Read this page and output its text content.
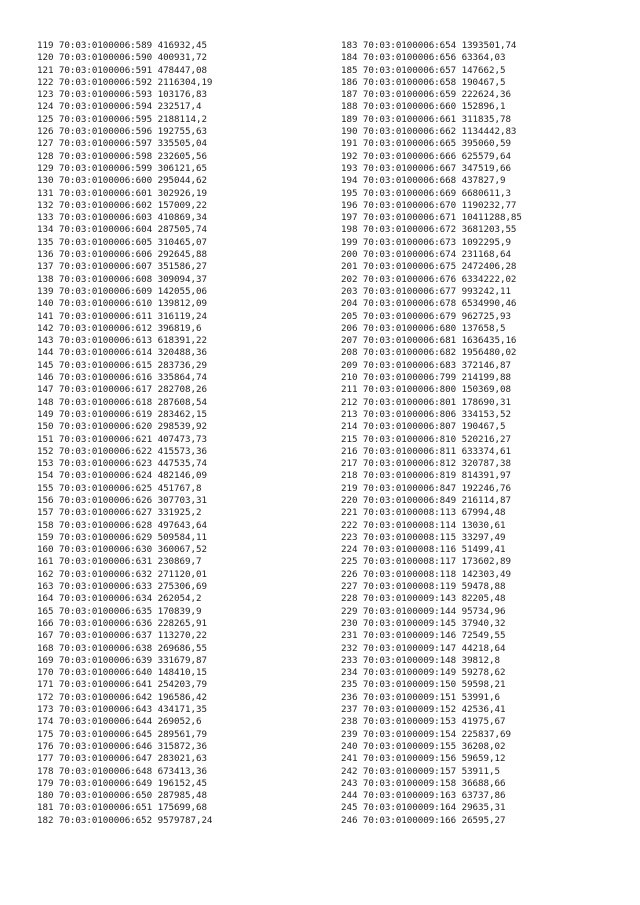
119 70:03:0100006:589 416932,45
120 70:03:0100006:590 400931,72
121 70:03:0100006:591 478447,08
122 70:03:0100006:592 2116304,19
123 70:03:0100006:593 103176,83
124 70:03:0100006:594 232517,4
125 70:03:0100006:595 2188114,2
126 70:03:0100006:596 192755,63
127 70:03:0100006:597 335505,04
128 70:03:0100006:598 232605,56
129 70:03:0100006:599 306121,65
130 70:03:0100006:600 295044,62
131 70:03:0100006:601 302926,19
132 70:03:0100006:602 157009,22
133 70:03:0100006:603 410869,34
134 70:03:0100006:604 287505,74
135 70:03:0100006:605 310465,07
136 70:03:0100006:606 292645,88
137 70:03:0100006:607 351586,27
138 70:03:0100006:608 309094,37
139 70:03:0100006:609 142055,06
140 70:03:0100006:610 139812,09
141 70:03:0100006:611 316119,24
142 70:03:0100006:612 396819,6
143 70:03:0100006:613 618391,22
144 70:03:0100006:614 320488,36
145 70:03:0100006:615 283736,29
146 70:03:0100006:616 335864,74
147 70:03:0100006:617 282708,26
148 70:03:0100006:618 287608,54
149 70:03:0100006:619 283462,15
150 70:03:0100006:620 298539,92
151 70:03:0100006:621 407473,73
152 70:03:0100006:622 415573,36
153 70:03:0100006:623 447535,74
154 70:03:0100006:624 482146,09
155 70:03:0100006:625 451767,8
156 70:03:0100006:626 307703,31
157 70:03:0100006:627 331925,2
158 70:03:0100006:628 497643,64
159 70:03:0100006:629 509584,11
160 70:03:0100006:630 360067,52
161 70:03:0100006:631 230869,7
162 70:03:0100006:632 271120,01
163 70:03:0100006:633 275306,69
164 70:03:0100006:634 262054,2
165 70:03:0100006:635 170839,9
166 70:03:0100006:636 228265,91
167 70:03:0100006:637 113270,22
168 70:03:0100006:638 269686,55
169 70:03:0100006:639 331679,87
170 70:03:0100006:640 148410,15
171 70:03:0100006:641 254203,79
172 70:03:0100006:642 196586,42
173 70:03:0100006:643 434171,35
174 70:03:0100006:644 269052,6
175 70:03:0100006:645 289561,79
176 70:03:0100006:646 315872,36
177 70:03:0100006:647 283021,63
178 70:03:0100006:648 673413,36
179 70:03:0100006:649 196152,45
180 70:03:0100006:650 287985,48
181 70:03:0100006:651 175699,68
182 70:03:0100006:652 9579787,24
183 70:03:0100006:654 1393501,74
184 70:03:0100006:656 63364,03
185 70:03:0100006:657 147662,5
186 70:03:0100006:658 190467,5
187 70:03:0100006:659 222624,36
188 70:03:0100006:660 152896,1
189 70:03:0100006:661 311835,78
190 70:03:0100006:662 1134442,83
191 70:03:0100006:665 395060,59
192 70:03:0100006:666 625579,64
193 70:03:0100006:667 347519,66
194 70:03:0100006:668 437827,9
195 70:03:0100006:669 6680611,3
196 70:03:0100006:670 1190232,77
197 70:03:0100006:671 10411288,85
198 70:03:0100006:672 3681203,55
199 70:03:0100006:673 1092295,9
200 70:03:0100006:674 231168,64
201 70:03:0100006:675 2472406,28
202 70:03:0100006:676 6334222,02
203 70:03:0100006:677 993242,11
204 70:03:0100006:678 6534990,46
205 70:03:0100006:679 962725,93
206 70:03:0100006:680 137658,5
207 70:03:0100006:681 1636435,16
208 70:03:0100006:682 1956480,02
209 70:03:0100006:683 372146,87
210 70:03:0100006:799 214199,88
211 70:03:0100006:800 150369,08
212 70:03:0100006:801 178690,31
213 70:03:0100006:806 334153,52
214 70:03:0100006:807 190467,5
215 70:03:0100006:810 520216,27
216 70:03:0100006:811 633374,61
217 70:03:0100006:812 320787,38
218 70:03:0100006:819 814391,97
219 70:03:0100006:847 192246,76
220 70:03:0100006:849 216114,87
221 70:03:0100008:113 67994,48
222 70:03:0100008:114 13030,61
223 70:03:0100008:115 33297,49
224 70:03:0100008:116 51499,41
225 70:03:0100008:117 173602,89
226 70:03:0100008:118 142303,49
227 70:03:0100008:119 59478,88
228 70:03:0100009:143 82205,48
229 70:03:0100009:144 95734,96
230 70:03:0100009:145 37940,32
231 70:03:0100009:146 72549,55
232 70:03:0100009:147 44218,64
233 70:03:0100009:148 39812,8
234 70:03:0100009:149 59278,62
235 70:03:0100009:150 59598,21
236 70:03:0100009:151 53991,6
237 70:03:0100009:152 42536,41
238 70:03:0100009:153 41975,67
239 70:03:0100009:154 225837,69
240 70:03:0100009:155 36208,02
241 70:03:0100009:156 59659,12
242 70:03:0100009:157 53911,5
243 70:03:0100009:158 36688,66
244 70:03:0100009:163 63737,86
245 70:03:0100009:164 29635,31
246 70:03:0100009:166 26595,27
